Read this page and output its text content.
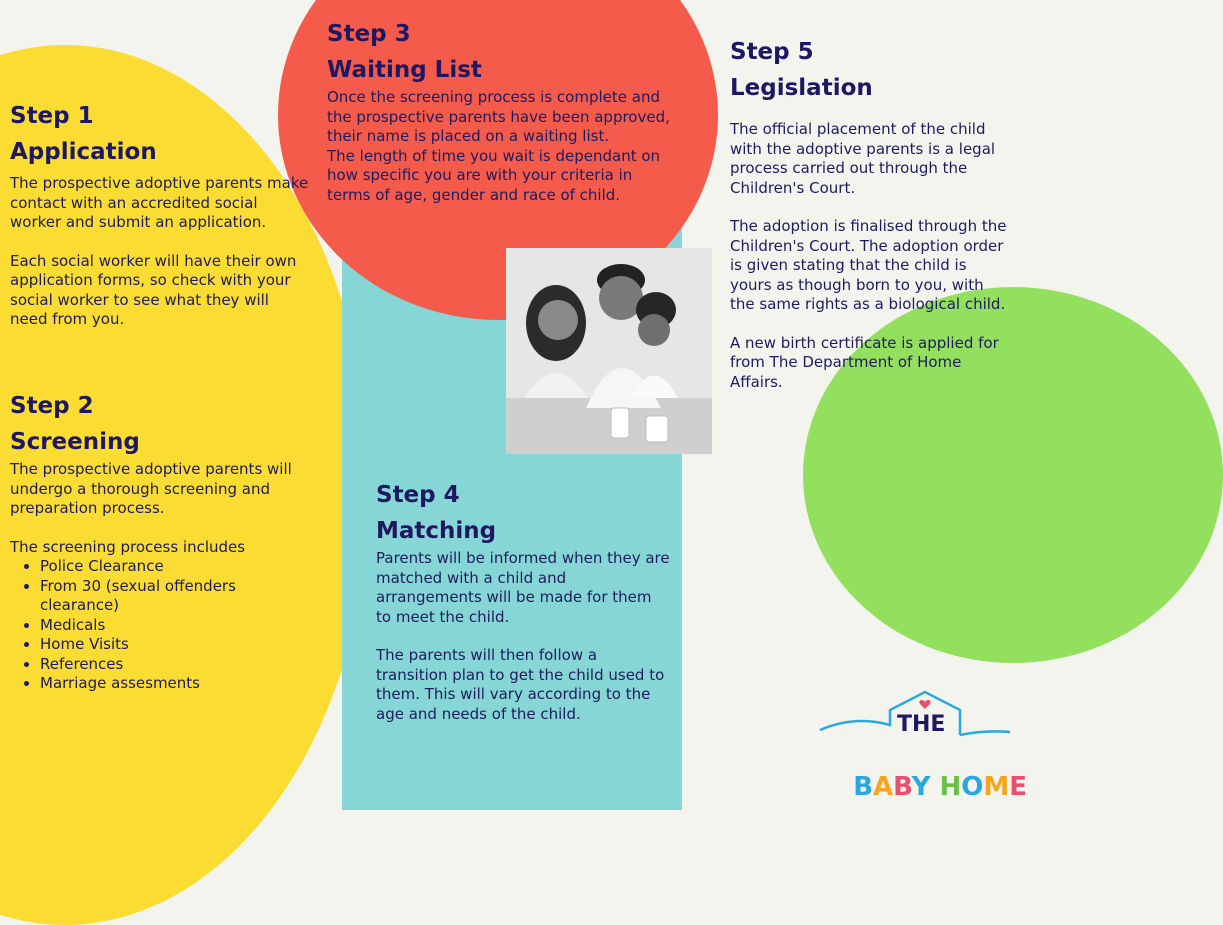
Step 1
Application

The prospective adoptive parents make contact with an accredited social worker and submit an application.

Each social worker will have their own application forms, so check with your social worker to see what they will need from you.

Step 2
Screening

The prospective adoptive parents will undergo a thorough screening and preparation process.

The screening process includes

• Police Clearance
• From 30 (sexual offenders clearance)
• Medicals
• Home Visits
• References
• Marriage assesments
Step 3
Waiting List

Once the screening process is complete and the prospective parents have been approved, their name is placed on a waiting list.

The length of time you wait is dependant on how specific you are with your criteria in terms of age, gender and race of child.

Step 4
Matching

Parents will be informed when they are matched with a child and arrangements will be made for them to meet the child.

The parents will then follow a transition plan to get the child used to them. This will vary according to the age and needs of the child.

Step 5
Legislation

The official placement of the child with the adoptive parents is a legal process carried out through the Children's Court.

The adoption is finalised through the Children's Court. The adoption order is given stating that the child is yours as though born to you, with the same rights as a biological child.

A new birth certificate is applied for from The Department of Home Affairs.

THE

BABY HOME
